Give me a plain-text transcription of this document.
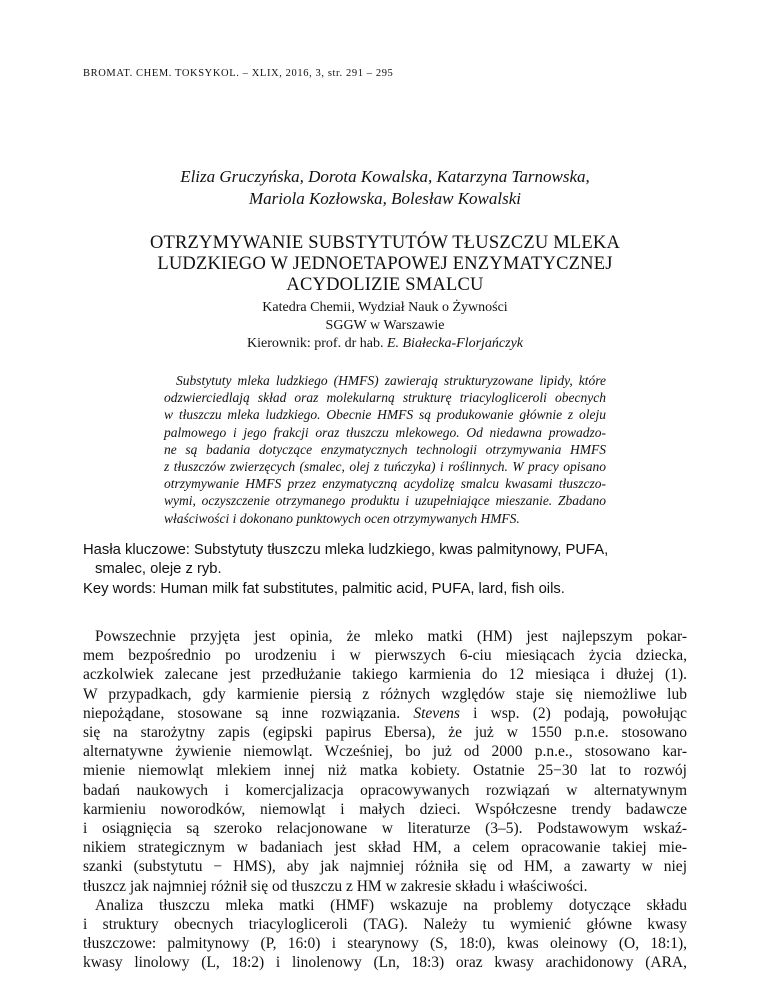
BROMAT. CHEM. TOKSYKOL. – XLIX, 2016, 3, str. 291 – 295
Eliza Gruczyńska, Dorota Kowalska, Katarzyna Tarnowska,
Mariola Kozłowska, Bolesław Kowalski
OTRZYMYWANIE SUBSTYTUTÓW TŁUSZCZU MLEKA
LUDZKIEGO W JEDNOETAPOWEJ ENZYMATYCZNEJ
ACYDOLIZIE SMALCU
Katedra Chemii, Wydział Nauk o Żywności
SGGW w Warszawie
Kierownik: prof. dr hab. E. Białecka-Florjańczyk
Substytuty mleka ludzkiego (HMFS) zawierają strukturyzowane lipidy, które
odzwierciedlają skład oraz molekularną strukturę triacylogliceroli obecnych
w tłuszczu mleka ludzkiego. Obecnie HMFS są produkowanie głównie z oleju
palmowego i jego frakcji oraz tłuszczu mlekowego. Od niedawna prowadzo-
ne są badania dotyczące enzymatycznych technologii otrzymywania HMFS
z tłuszczów zwierzęcych (smalec, olej z tuńczyka) i roślinnych. W pracy opisano
otrzymywanie HMFS przez enzymatyczną acydolizę smalcu kwasami tłuszczo-
wymi, oczyszczenie otrzymanego produktu i uzupełniające mieszanie. Zbadano
właściwości i dokonano punktowych ocen otrzymywanych HMFS.
Hasła kluczowe: Substytuty tłuszczu mleka ludzkiego, kwas palmitynowy, PUFA,
smalec, oleje z ryb.
Key words: Human milk fat substitutes, palmitic acid, PUFA, lard, fish oils.
Powszechnie przyjęta jest opinia, że mleko matki (HM) jest najlepszym pokar-
mem bezpośrednio po urodzeniu i w pierwszych 6-ciu miesiącach życia dziecka,
aczkolwiek zalecane jest przedłużanie takiego karmienia do 12 miesiąca i dłużej (1).
W przypadkach, gdy karmienie piersią z różnych względów staje się niemożliwe lub
niepożądane, stosowane są inne rozwiązania. Stevens i wsp. (2) podają, powołując
się na starożytny zapis (egipski papirus Ebersa), że już w 1550 p.n.e. stosowano
alternatywne żywienie niemowląt. Wcześniej, bo już od 2000 p.n.e., stosowano kar-
mienie niemowląt mlekiem innej niż matka kobiety. Ostatnie 25−30 lat to rozwój
badań naukowych i komercjalizacja opracowywanych rozwiązań w alternatywnym
karmieniu noworodków, niemowląt i małych dzieci. Współczesne trendy badawcze
i osiągnięcia są szeroko relacjonowane w literaturze (3–5). Podstawowym wskaź-
nikiem strategicznym w badaniach jest skład HM, a celem opracowanie takiej mie-
szanki (substytutu − HMS), aby jak najmniej różniła się od HM, a zawarty w niej
tłuszcz jak najmniej różnił się od tłuszczu z HM w zakresie składu i właściwości.
Analiza tłuszczu mleka matki (HMF) wskazuje na problemy dotyczące składu
i struktury obecnych triacylogliceroli (TAG). Należy tu wymienić główne kwasy
tłuszczowe: palmitynowy (P, 16:0) i stearynowy (S, 18:0), kwas oleinowy (O, 18:1),
kwasy linolowy (L, 18:2) i linolenowy (Ln, 18:3) oraz kwasy arachidonowy (ARA,
